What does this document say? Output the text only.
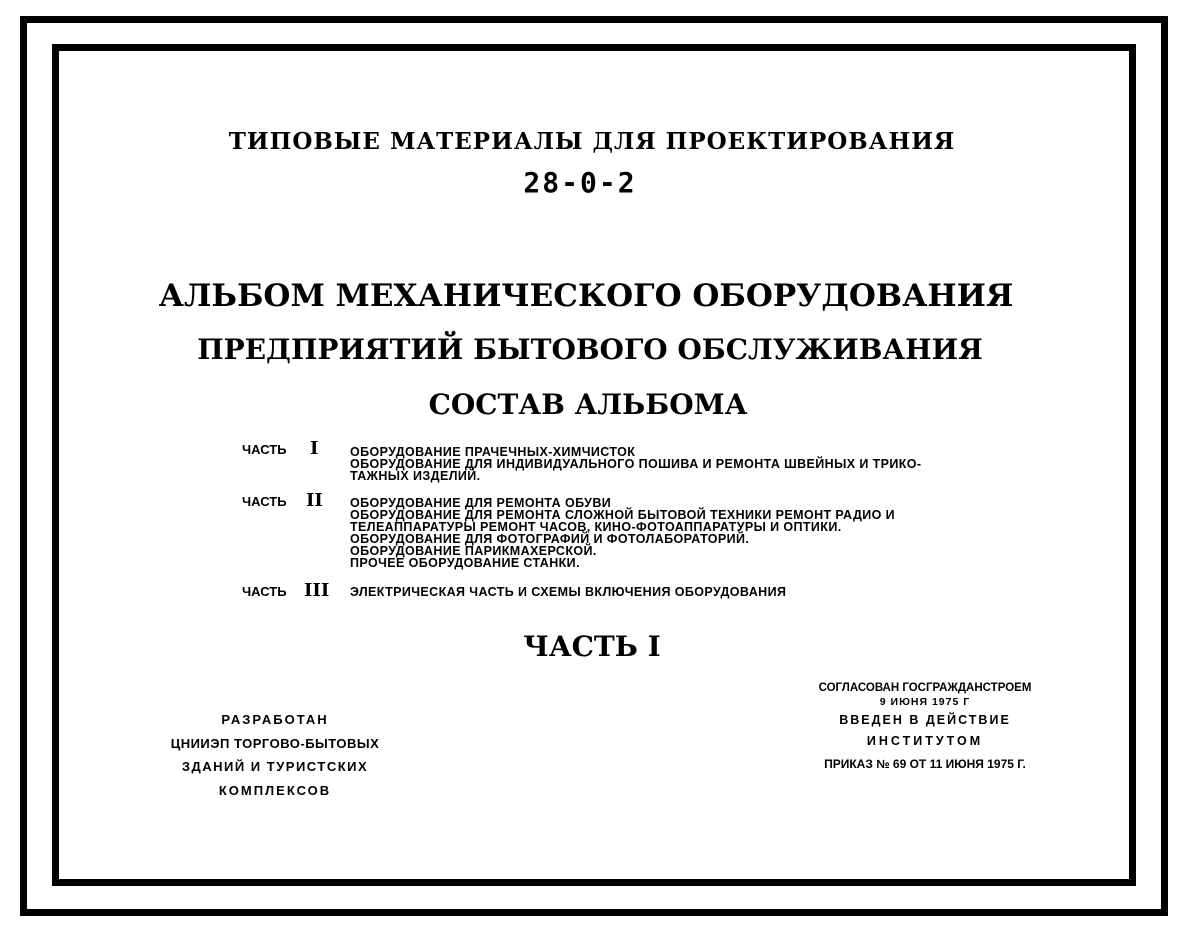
ТИПОВЫЕ МАТЕРИАЛЫ ДЛЯ ПРОЕКТИРОВАНИЯ
28-0-2
АЛЬБОМ МЕХАНИЧЕСКОГО ОБОРУДОВАНИЯ
ПРЕДПРИЯТИЙ БЫТОВОГО ОБСЛУЖИВАНИЯ
СОСТАВ АЛЬБОМА
ЧАСТЬ I	ОБОРУДОВАНИЕ ПРАЧЕЧНЫХ-ХИМЧИСТОК
ОБОРУДОВАНИЕ ДЛЯ ИНДИВИДУАЛЬНОГО ПОШИВА И РЕМОНТА ШВЕЙНЫХ И ТРИКО-
ТАЖНЫХ ИЗДЕЛИЙ.
ЧАСТЬ II ОБОРУДОВАНИЕ ДЛЯ РЕМОНТА ОБУВИ
ОБОРУДОВАНИЕ ДЛЯ РЕМОНТА СЛОЖНОЙ БЫТОВОЙ ТЕХНИКИ РЕМОНТ РАДИО И
ТЕЛЕАППАРАТУРЫ РЕМОНТ ЧАСОВ, КИНО-ФОТОАППАРАТУРЫ И ОПТИКИ.
ОБОРУДОВАНИЕ ДЛЯ ФОТОГРАФИЙ И ФОТОЛАБОРАТОРИЙ.
ОБОРУДОВАНИЕ ПАРИКМАХЕРСКОЙ.
ПРОЧЕЕ ОБОРУДОВАНИЕ СТАНКИ.
ЧАСТЬ III ЭЛЕКТРИЧЕСКАЯ ЧАСТЬ И СХЕМЫ ВКЛЮЧЕНИЯ ОБОРУДОВАНИЯ
ЧАСТЬ I
РАЗРАБОТАН
ЦНИИЭП ТОРГОВО-БЫТОВЫХ
ЗДАНИЙ И ТУРИСТСКИХ
КОМПЛЕКСОВ
СОГЛАСОВАН ГОСГРАЖДАНСТРОЕМ
9 ИЮНЯ 1975 Г
ВВЕДЕН В ДЕЙСТВИЕ
ИНСТИТУТОМ
ПРИКАЗ № 69 ОТ 11 ИЮНЯ 1975 Г.
